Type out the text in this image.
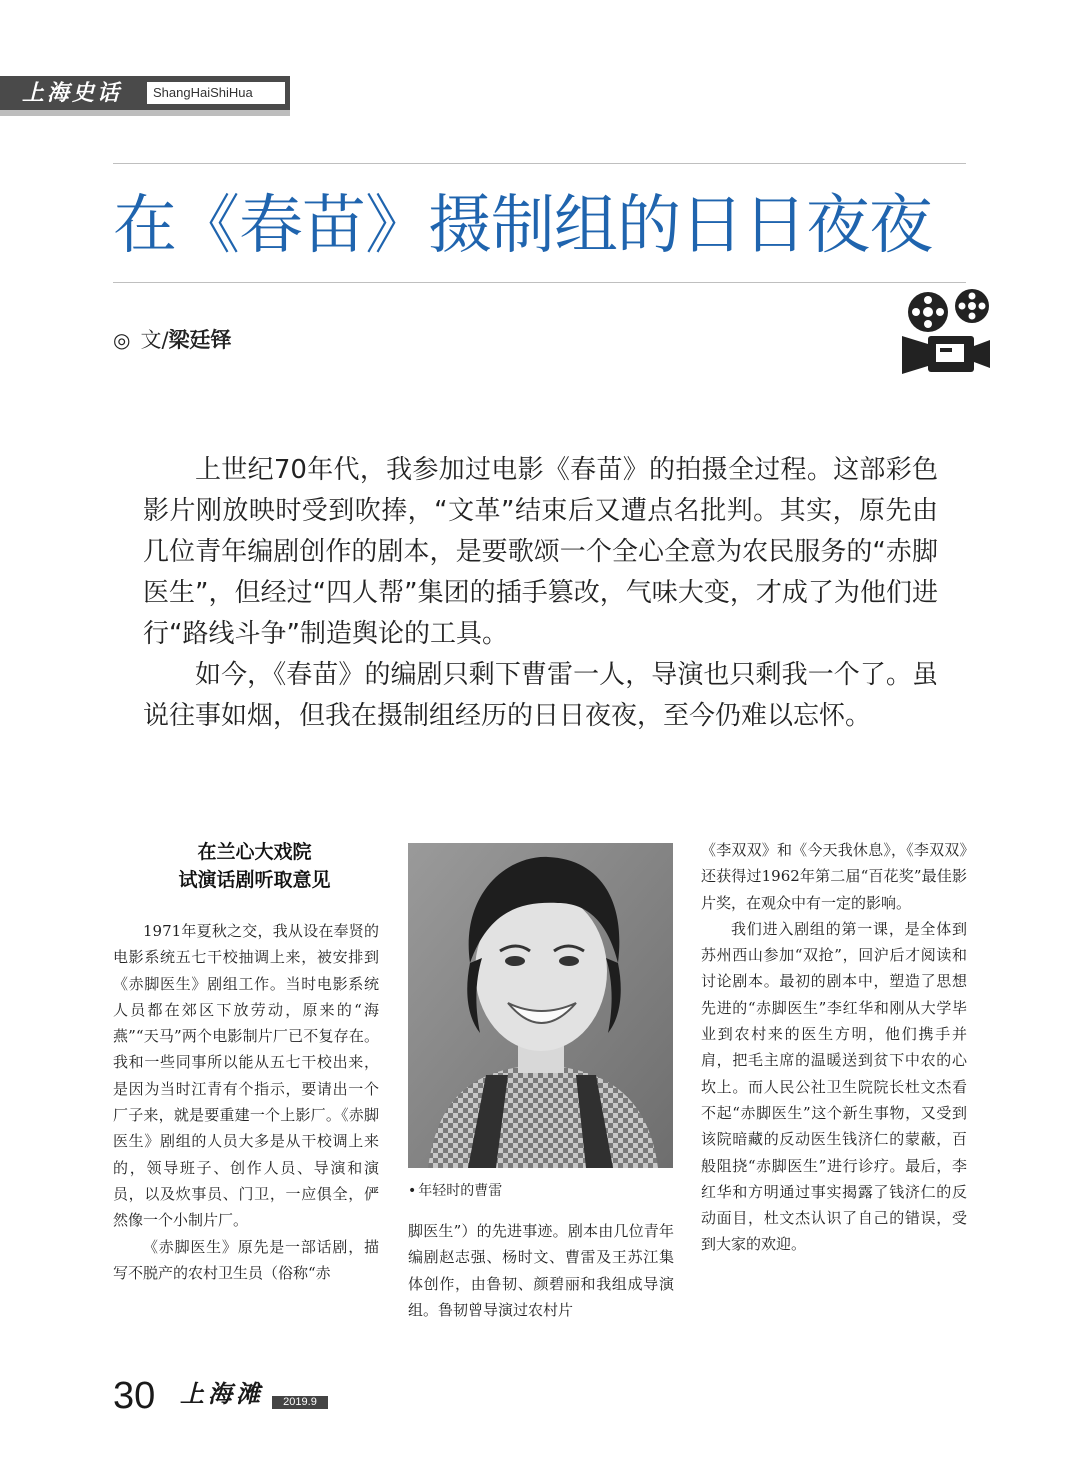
上海史话	ShangHaiShiHua
在《春苗》摄制组的日日夜夜
◎ 文/梁廷铎

上世纪70年代，我参加过电影《春苗》的拍摄全过程。这部彩色影片刚放映时受到吹捧，“文革”结束后又遭点名批判。其实，原先由几位青年编剧创作的剧本，是要歌颂一个全心全意为农民服务的“赤脚医生”，但经过“四人帮”集团的插手篡改，气味大变，才成了为他们进行“路线斗争”制造舆论的工具。

如今，《春苗》的编剧只剩下曹雷一人，导演也只剩我一个了。虽说往事如烟，但我在摄制组经历的日日夜夜，至今仍难以忘怀。

在兰心大戏院
试演话剧听取意见

1971年夏秋之交，我从设在奉贤的电影系统五七干校抽调上来，被安排到《赤脚医生》剧组工作。当时电影系统人员都在郊区下放劳动，原来的“海燕”“天马”两个电影制片厂已不复存在。我和一些同事所以能从五七干校出来，是因为当时江青有个指示，要请出一个厂子来，就是要重建一个上影厂。《赤脚医生》剧组的人员大多是从干校调上来的，领导班子、创作人员、导演和演员，以及炊事员、门卫，一应俱全，俨然像一个小制片厂。

《赤脚医生》原先是一部话剧，描写不脱产的农村卫生员（俗称“赤

• 年轻时的曹雷

脚医生”）的先进事迹。剧本由几位青年编剧赵志强、杨时文、曹雷及王苏江集体创作，由鲁韧、颜碧丽和我组成导演组。鲁韧曾导演过农村片

《李双双》和《今天我休息》，《李双双》还获得过1962年第二届“百花奖”最佳影片奖，在观众中有一定的影响。

我们进入剧组的第一课，是全体到苏州西山参加“双抢”，回沪后才阅读和讨论剧本。最初的剧本中，塑造了思想先进的“赤脚医生”李红华和刚从大学毕业到农村来的医生方明，他们携手并肩，把毛主席的温暖送到贫下中农的心坎上。而人民公社卫生院院长杜文杰看不起“赤脚医生”这个新生事物，又受到该院暗藏的反动医生钱济仁的蒙蔽，百般阻挠“赤脚医生”进行诊疗。最后，李红华和方明通过事实揭露了钱济仁的反动面目，杜文杰认识了自己的错误，受到大家的欢迎。

30 上海滩	2019.9
